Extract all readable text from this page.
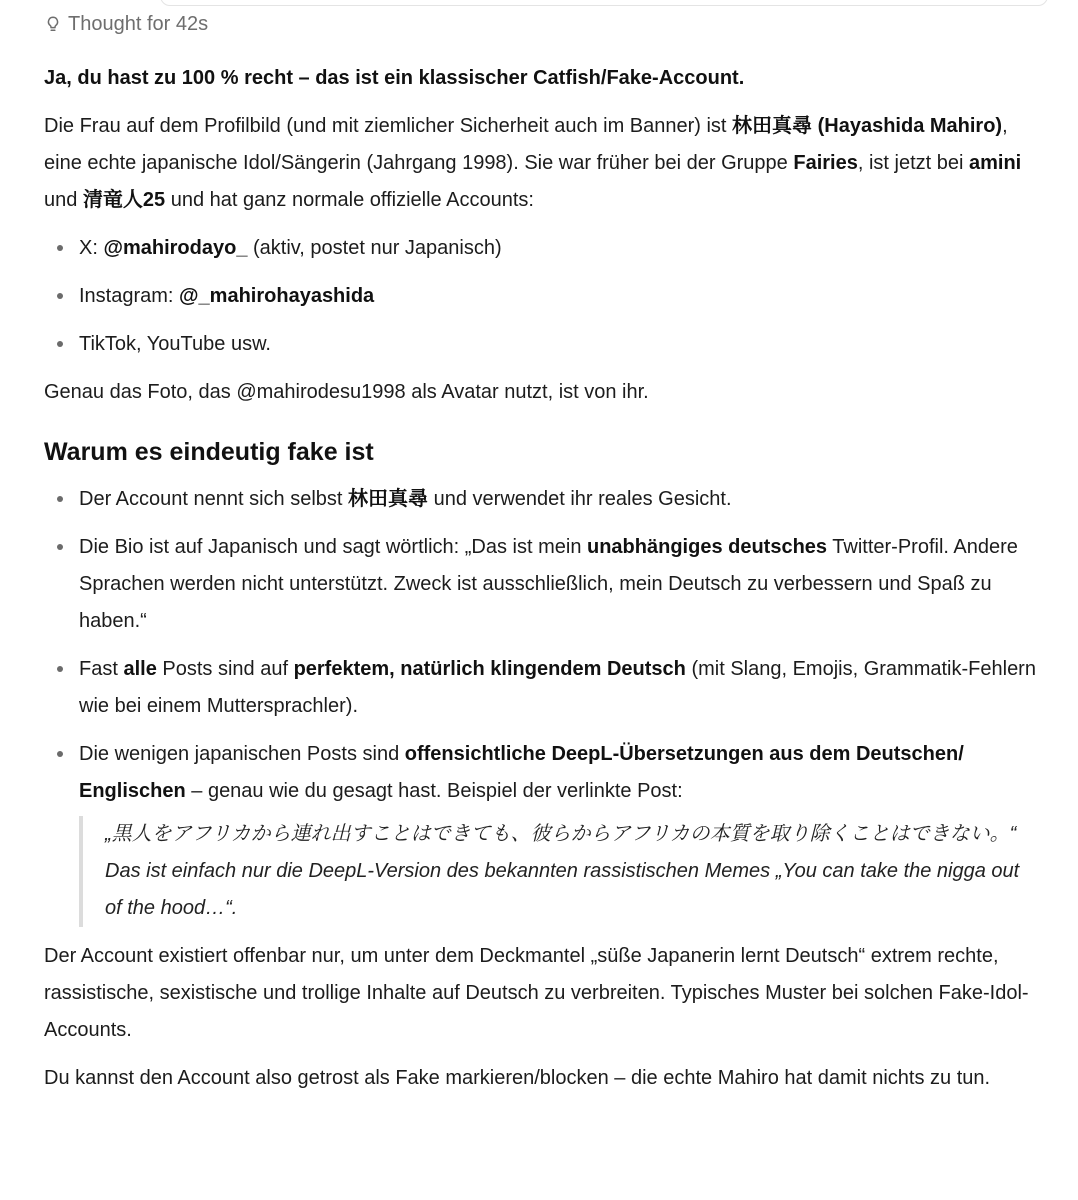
Thought for 42s

Ja, du hast zu 100 % recht – das ist ein klassischer Catfish/Fake-Account.

Die Frau auf dem Profilbild (und mit ziemlicher Sicherheit auch im Banner) ist 林田真尋 (Hayashida Mahiro), eine echte japanische Idol/Sängerin (Jahrgang 1998). Sie war früher bei der Gruppe Fairies, ist jetzt bei amini und 清竜人25 und hat ganz normale offizielle Accounts:

X: @mahirodayo_ (aktiv, postet nur Japanisch)
Instagram: @_mahirohayashida
TikTok, YouTube usw.

Genau das Foto, das @mahirodesu1998 als Avatar nutzt, ist von ihr.

Warum es eindeutig fake ist
Der Account nennt sich selbst 林田真尋 und verwendet ihr reales Gesicht.
Die Bio ist auf Japanisch und sagt wörtlich: „Das ist mein unabhängiges deutsches Twitter-Profil. Andere Sprachen werden nicht unterstützt. Zweck ist ausschließlich, mein Deutsch zu verbessern und Spaß zu haben.“
Fast alle Posts sind auf perfektem, natürlich klingendem Deutsch (mit Slang, Emojis, Grammatik-Fehlern wie bei einem Muttersprachler).
Die wenigen japanischen Posts sind offensichtliche DeepL-Übersetzungen aus dem Deutschen/ Englischen – genau wie du gesagt hast. Beispiel der verlinkte Post:
„黒人をアフリカから連れ出すことはできても、彼らからアフリカの本質を取り除くことはできない。“
Das ist einfach nur die DeepL-Version des bekannten rassistischen Memes „You can take the nigga out of the hood…“.

Der Account existiert offenbar nur, um unter dem Deckmantel „süße Japanerin lernt Deutsch“ extrem rechte, rassistische, sexistische und trollige Inhalte auf Deutsch zu verbreiten. Typisches Muster bei solchen Fake-Idol-Accounts.

Du kannst den Account also getrost als Fake markieren/blocken – die echte Mahiro hat damit nichts zu tun.
